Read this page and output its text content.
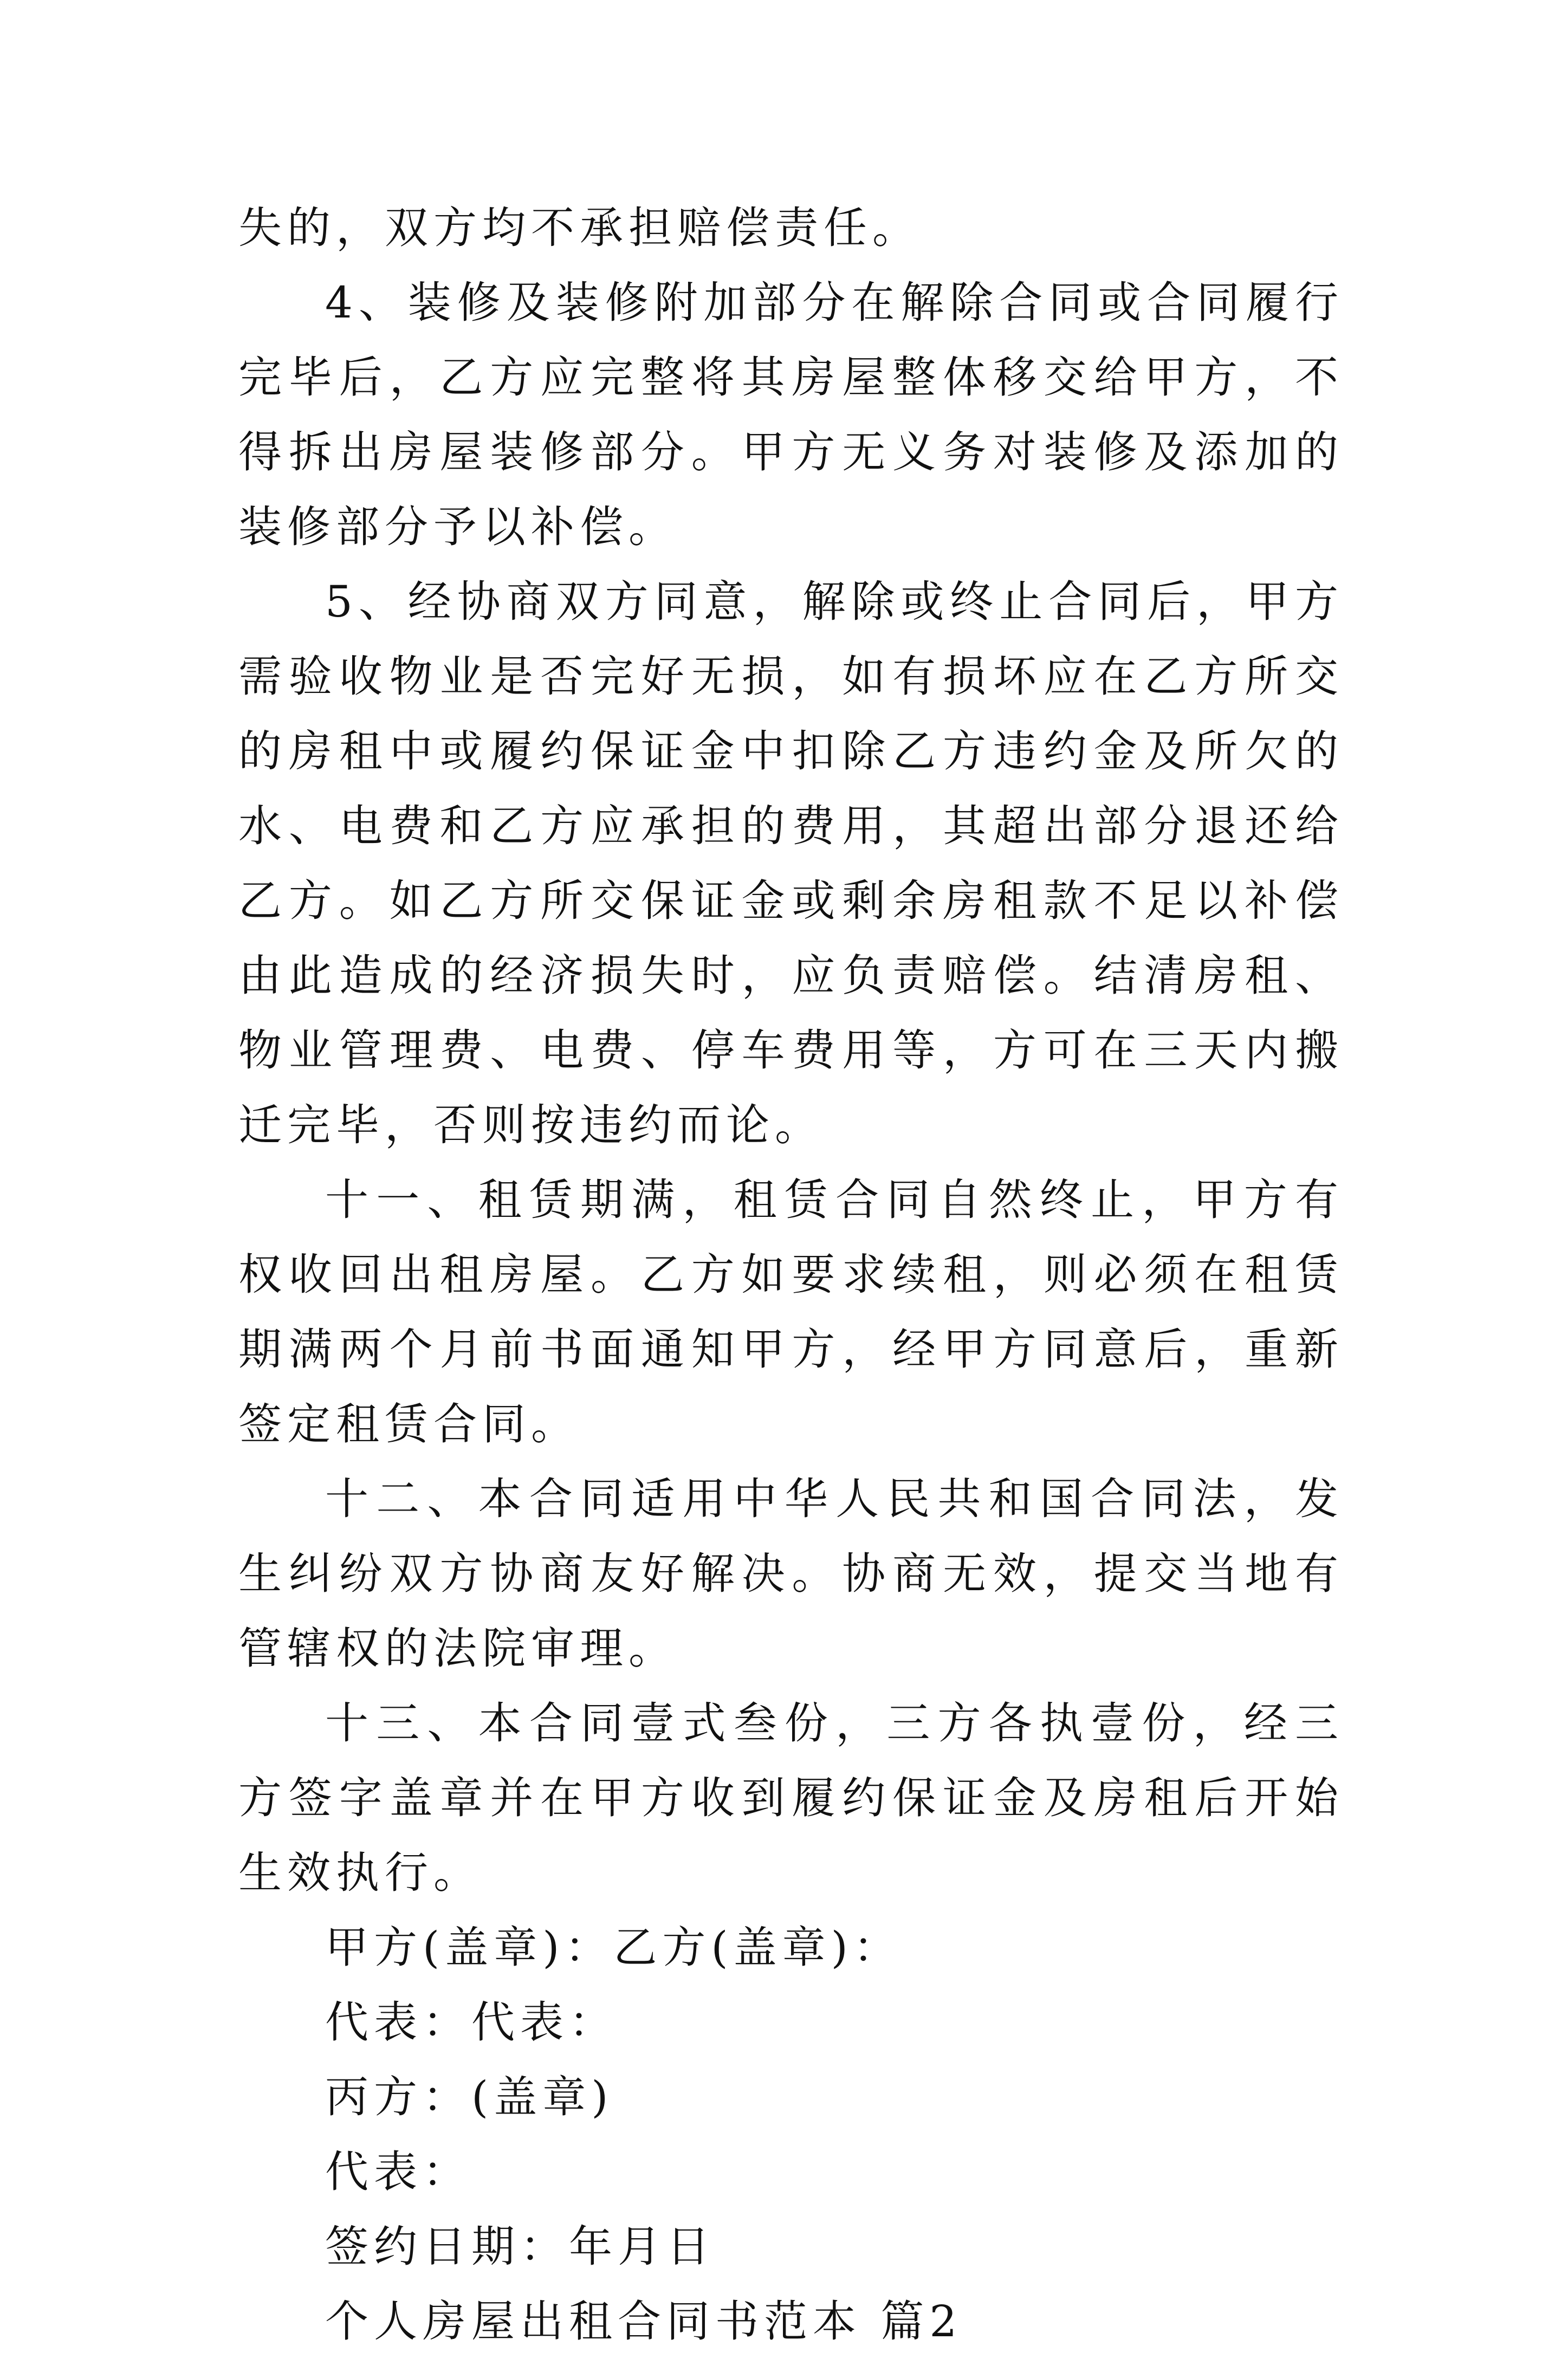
失的，双方均不承担赔偿责任。

4、装修及装修附加部分在解除合同或合同履行完毕后，乙方应完整将其房屋整体移交给甲方，不得拆出房屋装修部分。甲方无义务对装修及添加的装修部分予以补偿。

5、经协商双方同意，解除或终止合同后，甲方需验收物业是否完好无损，如有损坏应在乙方所交的房租中或履约保证金中扣除乙方违约金及所欠的水、电费和乙方应承担的费用，其超出部分退还给乙方。如乙方所交保证金或剩余房租款不足以补偿由此造成的经济损失时，应负责赔偿。结清房租、物业管理费、电费、停车费用等，方可在三天内搬迁完毕，否则按违约而论。

十一、租赁期满，租赁合同自然终止，甲方有权收回出租房屋。乙方如要求续租，则必须在租赁期满两个月前书面通知甲方，经甲方同意后，重新签定租赁合同。

十二、本合同适用中华人民共和国合同法，发生纠纷双方协商友好解决。协商无效，提交当地有管辖权的法院审理。

十三、本合同壹式叁份，三方各执壹份，经三方签字盖章并在甲方收到履约保证金及房租后开始生效执行。

甲方(盖章)：乙方(盖章)：

代表：代表：

丙方：(盖章)

代表：

签约日期：年月日

个人房屋出租合同书范本 篇2
